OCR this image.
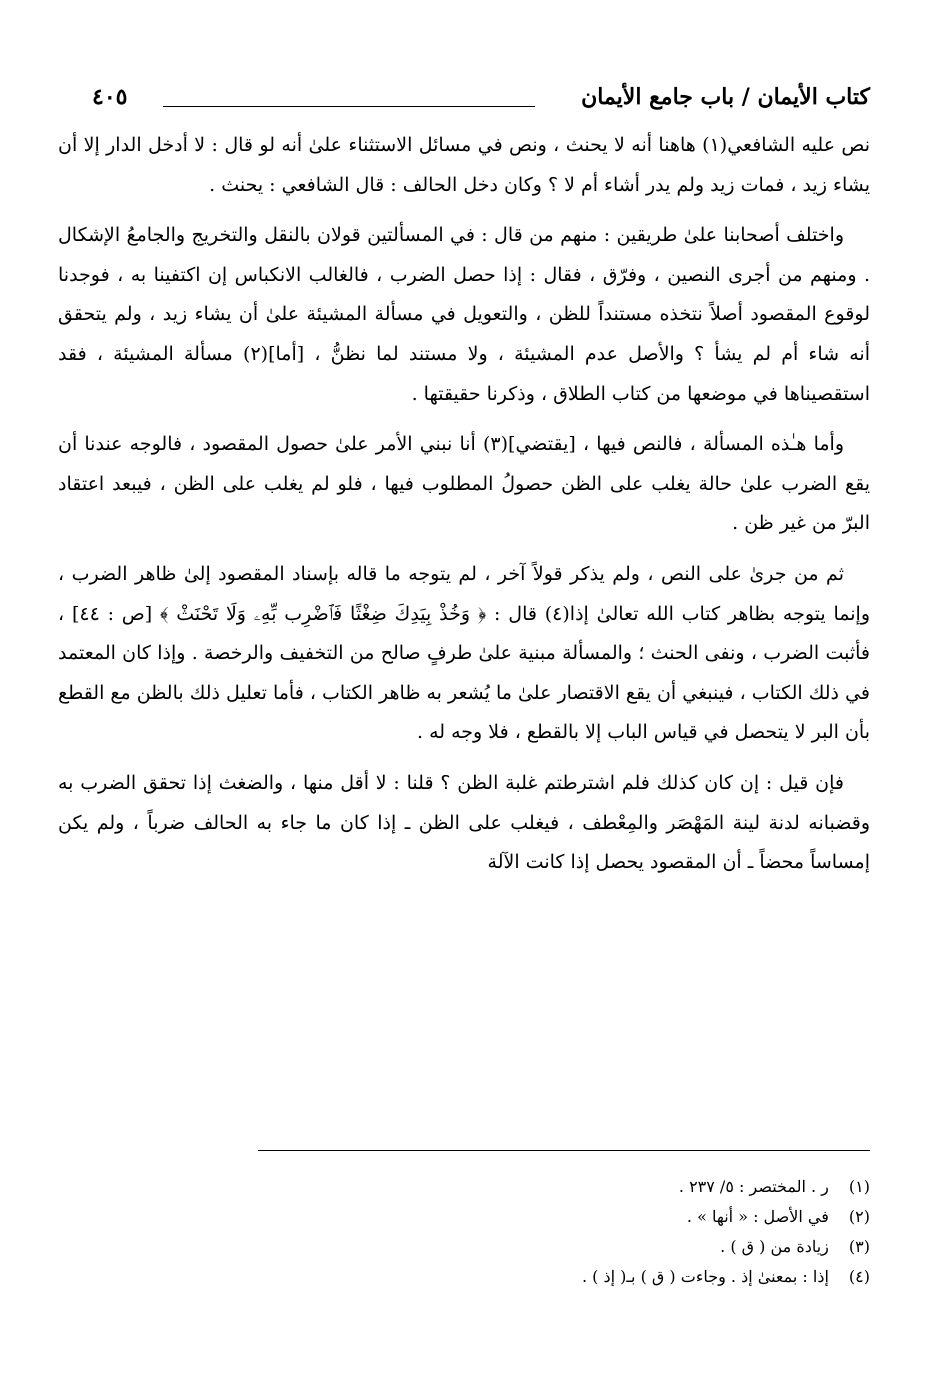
كتاب الأيمان / باب جامع الأيمان
٤٠٥

نص عليه الشافعي(١) هاهنا أنه لا يحنث ، ونص في مسائل الاستثناء علىٰ أنه لو قال : لا أدخل الدار إلا أن يشاء زيد ، فمات زيد ولم يدر أشاء أم لا ؟ وكان دخل الحالف : قال الشافعي : يحنث .

واختلف أصحابنا علىٰ طريقين : منهم من قال : في المسألتين قولان بالنقل والتخريج والجامعُ الإشكال . ومنهم من أجرى النصين ، وفرّق ، فقال : إذا حصل الضرب ، فالغالب الانكباس إن اكتفينا به ، فوجدنا لوقوع المقصود أصلاً نتخذه مستنداً للظن ، والتعويل في مسألة المشيئة علىٰ أن يشاء زيد ، ولم يتحقق أنه شاء أم لم يشأ ؟ والأصل عدم المشيئة ، ولا مستند لما نظنُّ ، [أما](٢) مسألة المشيئة ، فقد استقصيناها في موضعها من كتاب الطلاق ، وذكرنا حقيقتها .

وأما هـٰذه المسألة ، فالنص فيها ، [يقتضي](٣) أنا نبني الأمر علىٰ حصول المقصود ، فالوجه عندنا أن يقع الضرب علىٰ حالة يغلب على الظن حصولُ المطلوب فيها ، فلو لم يغلب على الظن ، فيبعد اعتقاد البرّ من غير ظن .

ثم من جرىٰ على النص ، ولم يذكر قولاً آخر ، لم يتوجه ما قاله بإسناد المقصود إلىٰ ظاهر الضرب ، وإنما يتوجه بظاهر كتاب الله تعالىٰ إذا(٤) قال : ﴿ وَخُذْ بِيَدِكَ ضِغْثًا فَٱضْرِب بِّهِۦ وَلَا تَحْنَثْ ﴾ [ص : ٤٤] ، فأثبت الضرب ، ونفى الحنث ؛ والمسألة مبنية علىٰ طرفٍ صالح من التخفيف والرخصة . وإذا كان المعتمد في ذلك الكتاب ، فينبغي أن يقع الاقتصار علىٰ ما يُشعر به ظاهر الكتاب ، فأما تعليل ذلك بالظن مع القطع بأن البر لا يتحصل في قياس الباب إلا بالقطع ، فلا وجه له .

فإن قيل : إن كان كذلك فلم اشترطتم غلبة الظن ؟ قلنا : لا أقل منها ، والضغث إذا تحقق الضرب به وقضبانه لدنة لينة المَهْصَر والمِعْطف ، فيغلب على الظن ـ إذا كان ما جاء به الحالف ضرباً ، ولم يكن إمساساً محضاً ـ أن المقصود يحصل إذا كانت الآلة

(١) ر . المختصر : ٥/ ٢٣٧ .
(٢) في الأصل : « أنها » .
(٣) زيادة من ( ق ) .
(٤) إذا : بمعنىٰ إذ . وجاءت ( ق ) بـ( إذ ) .
